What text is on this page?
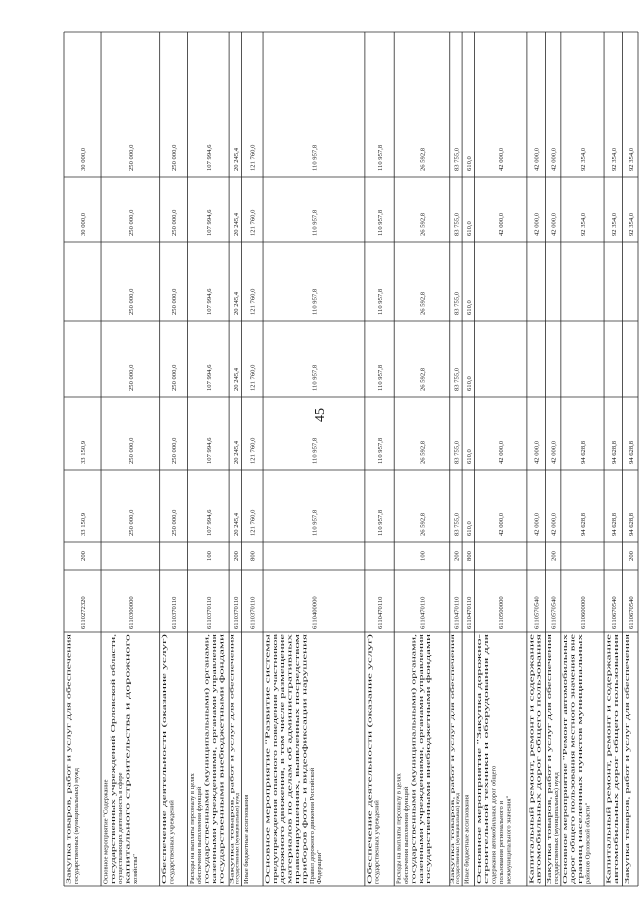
45
Закупка товаров, работ и услуг для обеспечения государственных (муниципальных) нужд
6110272320
200
33 150,9
33 150,9
30 000,0
30 000,0
Основное мероприятие "Содержание государственных учреждений Орловской области, осуществляющих деятельность в сфере капитального строительства и дорожного хозяйства"
6110300000
250 000,0
250 000,0
250 000,0
250 000,0
250 000,0
250 000,0
Обеспечение деятельности (оказание услуг) государственных учреждений
6110370110
250 000,0
250 000,0
250 000,0
250 000,0
250 000,0
250 000,0
Расходы на выплаты персоналу в целях обеспечения выполнения функций государственными (муниципальными) органами, казенными учреждениями, органами управления государственными внебюджетными фондами
6110370110
100
107 994,6
107 994,6
107 994,6
107 994,6
107 994,6
107 994,6
Закупка товаров, работ и услуг для обеспечения государственных (муниципальных) нужд
6110370110
200
20 245,4
20 245,4
20 245,4
20 245,4
20 245,4
20 245,4
Иные бюджетные ассигнования
6110370110
800
121 760,0
121 760,0
121 760,0
121 760,0
121 760,0
121 760,0
Основное мероприятие "Развитие системы предупреждения опасного поведения участников дорожного движения, в том числе размещение материалов по делам об административных правонарушениях, выявленных посредством приборов фото- и видеофиксации нарушения Правил дорожного движения Российской Федерации"
6110400000
110 957,8
110 957,8
110 957,8
110 957,8
110 957,8
110 957,8
Обеспечение деятельности (оказание услуг) государственных учреждений
6110470110
110 957,8
110 957,8
110 957,8
110 957,8
110 957,8
110 957,8
Расходы на выплаты персоналу в целях обеспечения выполнения функций государственными (муниципальными) органами, казенными учреждениями, органами управления государственными внебюджетными фондами
6110470110
100
26 592,8
26 592,8
26 592,8
26 592,8
26 592,8
26 592,8
Закупка товаров, работ и услуг для обеспечения государственных (муниципальных) нужд
6110470110
200
83 755,0
83 755,0
83 755,0
83 755,0
83 755,0
83 755,0
Иные бюджетные ассигнования
6110470110
800
610,0
610,0
610,0
610,0
610,0
610,0
Основное мероприятие "Закупка дорожно- строительной техники и оборудования для содержания автомобильных дорог общего пользования регионального и межмуниципального значения"
6110500000
42 000,0
42 000,0
42 000,0
42 000,0
Капитальный ремонт, ремонт и содержание автомобильных дорог общего пользования
6110570540
42 000,0
42 000,0
42 000,0
42 000,0
Закупка товаров, работ и услуг для обеспечения государственных (муниципальных) нужд
6110570540
200
42 000,0
42 000,0
42 000,0
42 000,0
Основное мероприятие "Ремонт автомобильных дорог общего пользования местного значения вне границ населенных пунктов муниципальных районов Орловской области"
6110600000
94 628,8
94 628,8
92 354,0
92 354,0
Капитальный ремонт, ремонт и содержание автомобильных дорог общего пользования
6110670540
94 628,8
94 628,8
92 354,0
92 354,0
Закупка товаров, работ и услуг для обеспечения
6110670540
200
94 628,8
94 628,8
92 354,0
92 354,0
